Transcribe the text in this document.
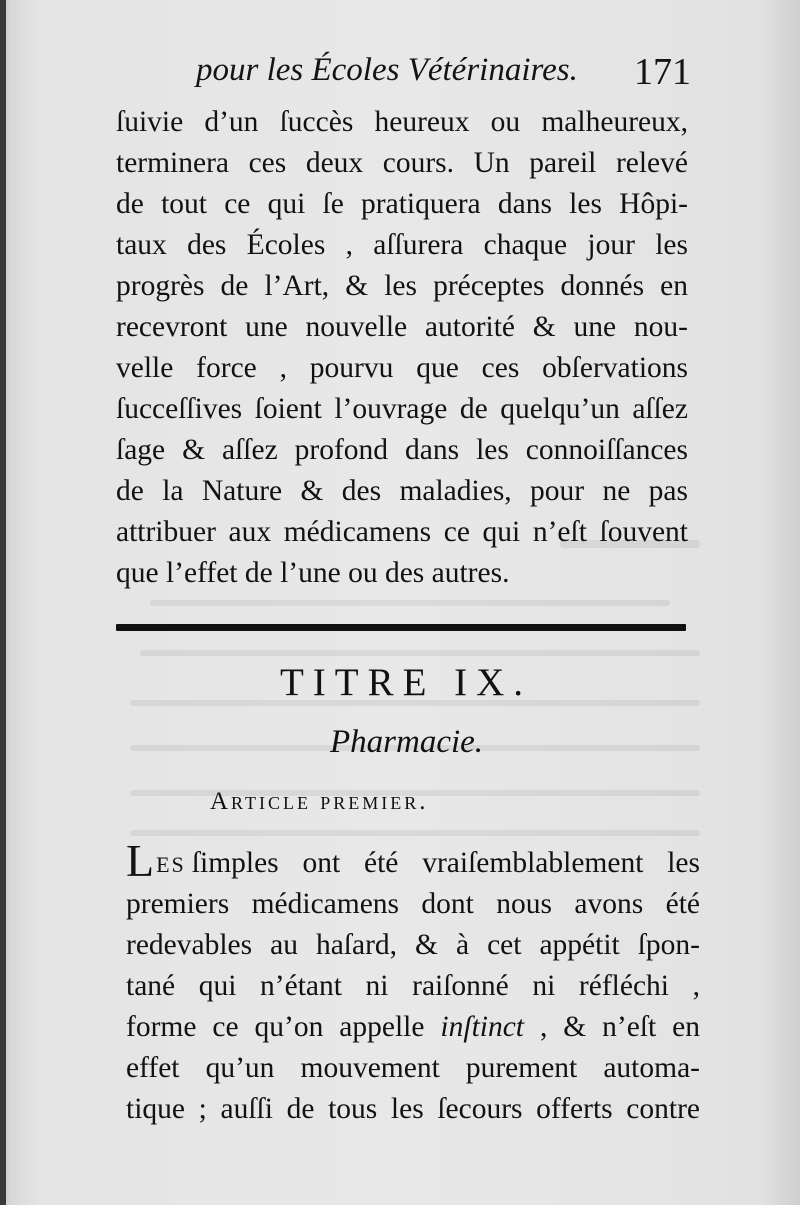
pour les Écoles Vétérinaires. 171
ſuivie d’un ſuccès heureux ou malheureux,
terminera ces deux cours. Un pareil relevé
de tout ce qui ſe pratiquera dans les Hôpi-
taux des Écoles , aſſurera chaque jour les
progrès de l’Art, & les préceptes donnés en
recevront une nouvelle autorité & une nou-
velle force , pourvu que ces obſervations
ſucceſſives ſoient l’ouvrage de quelqu’un aſſez
ſage & aſſez profond dans les connoiſſances
de la Nature & des maladies, pour ne pas
attribuer aux médicamens ce qui n’eſt ſouvent
que l’effet de l’une ou des autres.
TITRE IX.
Pharmacie.
Article premier.
LES ſimples ont été vraiſemblablement les
premiers médicamens dont nous avons été
redevables au haſard, & à cet appétit ſpon-
tané qui n’étant ni raiſonné ni réfléchi ,
forme ce qu’on appelle inſtinct , & n’eſt en
effet qu’un mouvement purement automa-
tique ; auſſi de tous les ſecours offerts contre
